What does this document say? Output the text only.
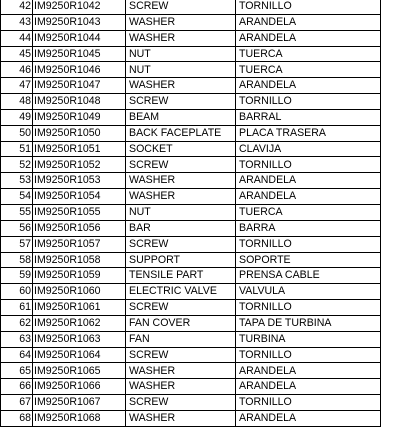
42	IM9250R1042	SCREW	TORNILLO
43	IM9250R1043	WASHER	ARANDELA
44	IM9250R1044	WASHER	ARANDELA
45	IM9250R1045	NUT	TUERCA
46	IM9250R1046	NUT	TUERCA
47	IM9250R1047	WASHER	ARANDELA
48	IM9250R1048	SCREW	TORNILLO
49	IM9250R1049	BEAM	BARRAL
50	IM9250R1050	BACK FACEPLATE	PLACA TRASERA
51	IM9250R1051	SOCKET	CLAVIJA
52	IM9250R1052	SCREW	TORNILLO
53	IM9250R1053	WASHER	ARANDELA
54	IM9250R1054	WASHER	ARANDELA
55	IM9250R1055	NUT	TUERCA
56	IM9250R1056	BAR	BARRA
57	IM9250R1057	SCREW	TORNILLO
58	IM9250R1058	SUPPORT	SOPORTE
59	IM9250R1059	TENSILE PART	PRENSA CABLE
60	IM9250R1060	ELECTRIC VALVE	VALVULA
61	IM9250R1061	SCREW	TORNILLO
62	IM9250R1062	FAN COVER	TAPA DE TURBINA
63	IM9250R1063	FAN	TURBINA
64	IM9250R1064	SCREW	TORNILLO
65	IM9250R1065	WASHER	ARANDELA
66	IM9250R1066	WASHER	ARANDELA
67	IM9250R1067	SCREW	TORNILLO
68	IM9250R1068	WASHER	ARANDELA
